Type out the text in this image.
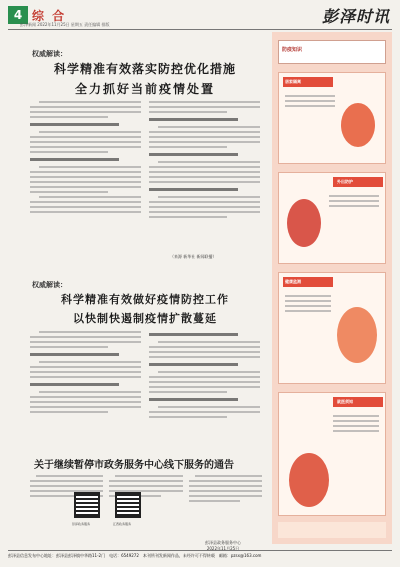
4 综 合
彭泽新闻 2022年11月25日 星期五 责任编辑 排版	彭泽时讯
权威解读：
科学精准有效落实防控优化措施
全力抓好当前疫情处置
（来源 新华社 新闻联播）
权威解读：
科学精准有效做好疫情防控工作
以快制快遏制疫情扩散蔓延
关于继续暂停市政务服务中心线下服务的通告
彭泽政务服务	江西政务服务
彭泽县政务服务中心
2022年11月25日
防疫知识
居家隔离
外出防护
健康监测
就医须知
彭泽县信息发布中心地址：彭泽县彭泽镇中华路11-2门　电话：6549272　本刊所刊发新闻作品，未经许可不得转载　邮箱：pzsx@163.com
